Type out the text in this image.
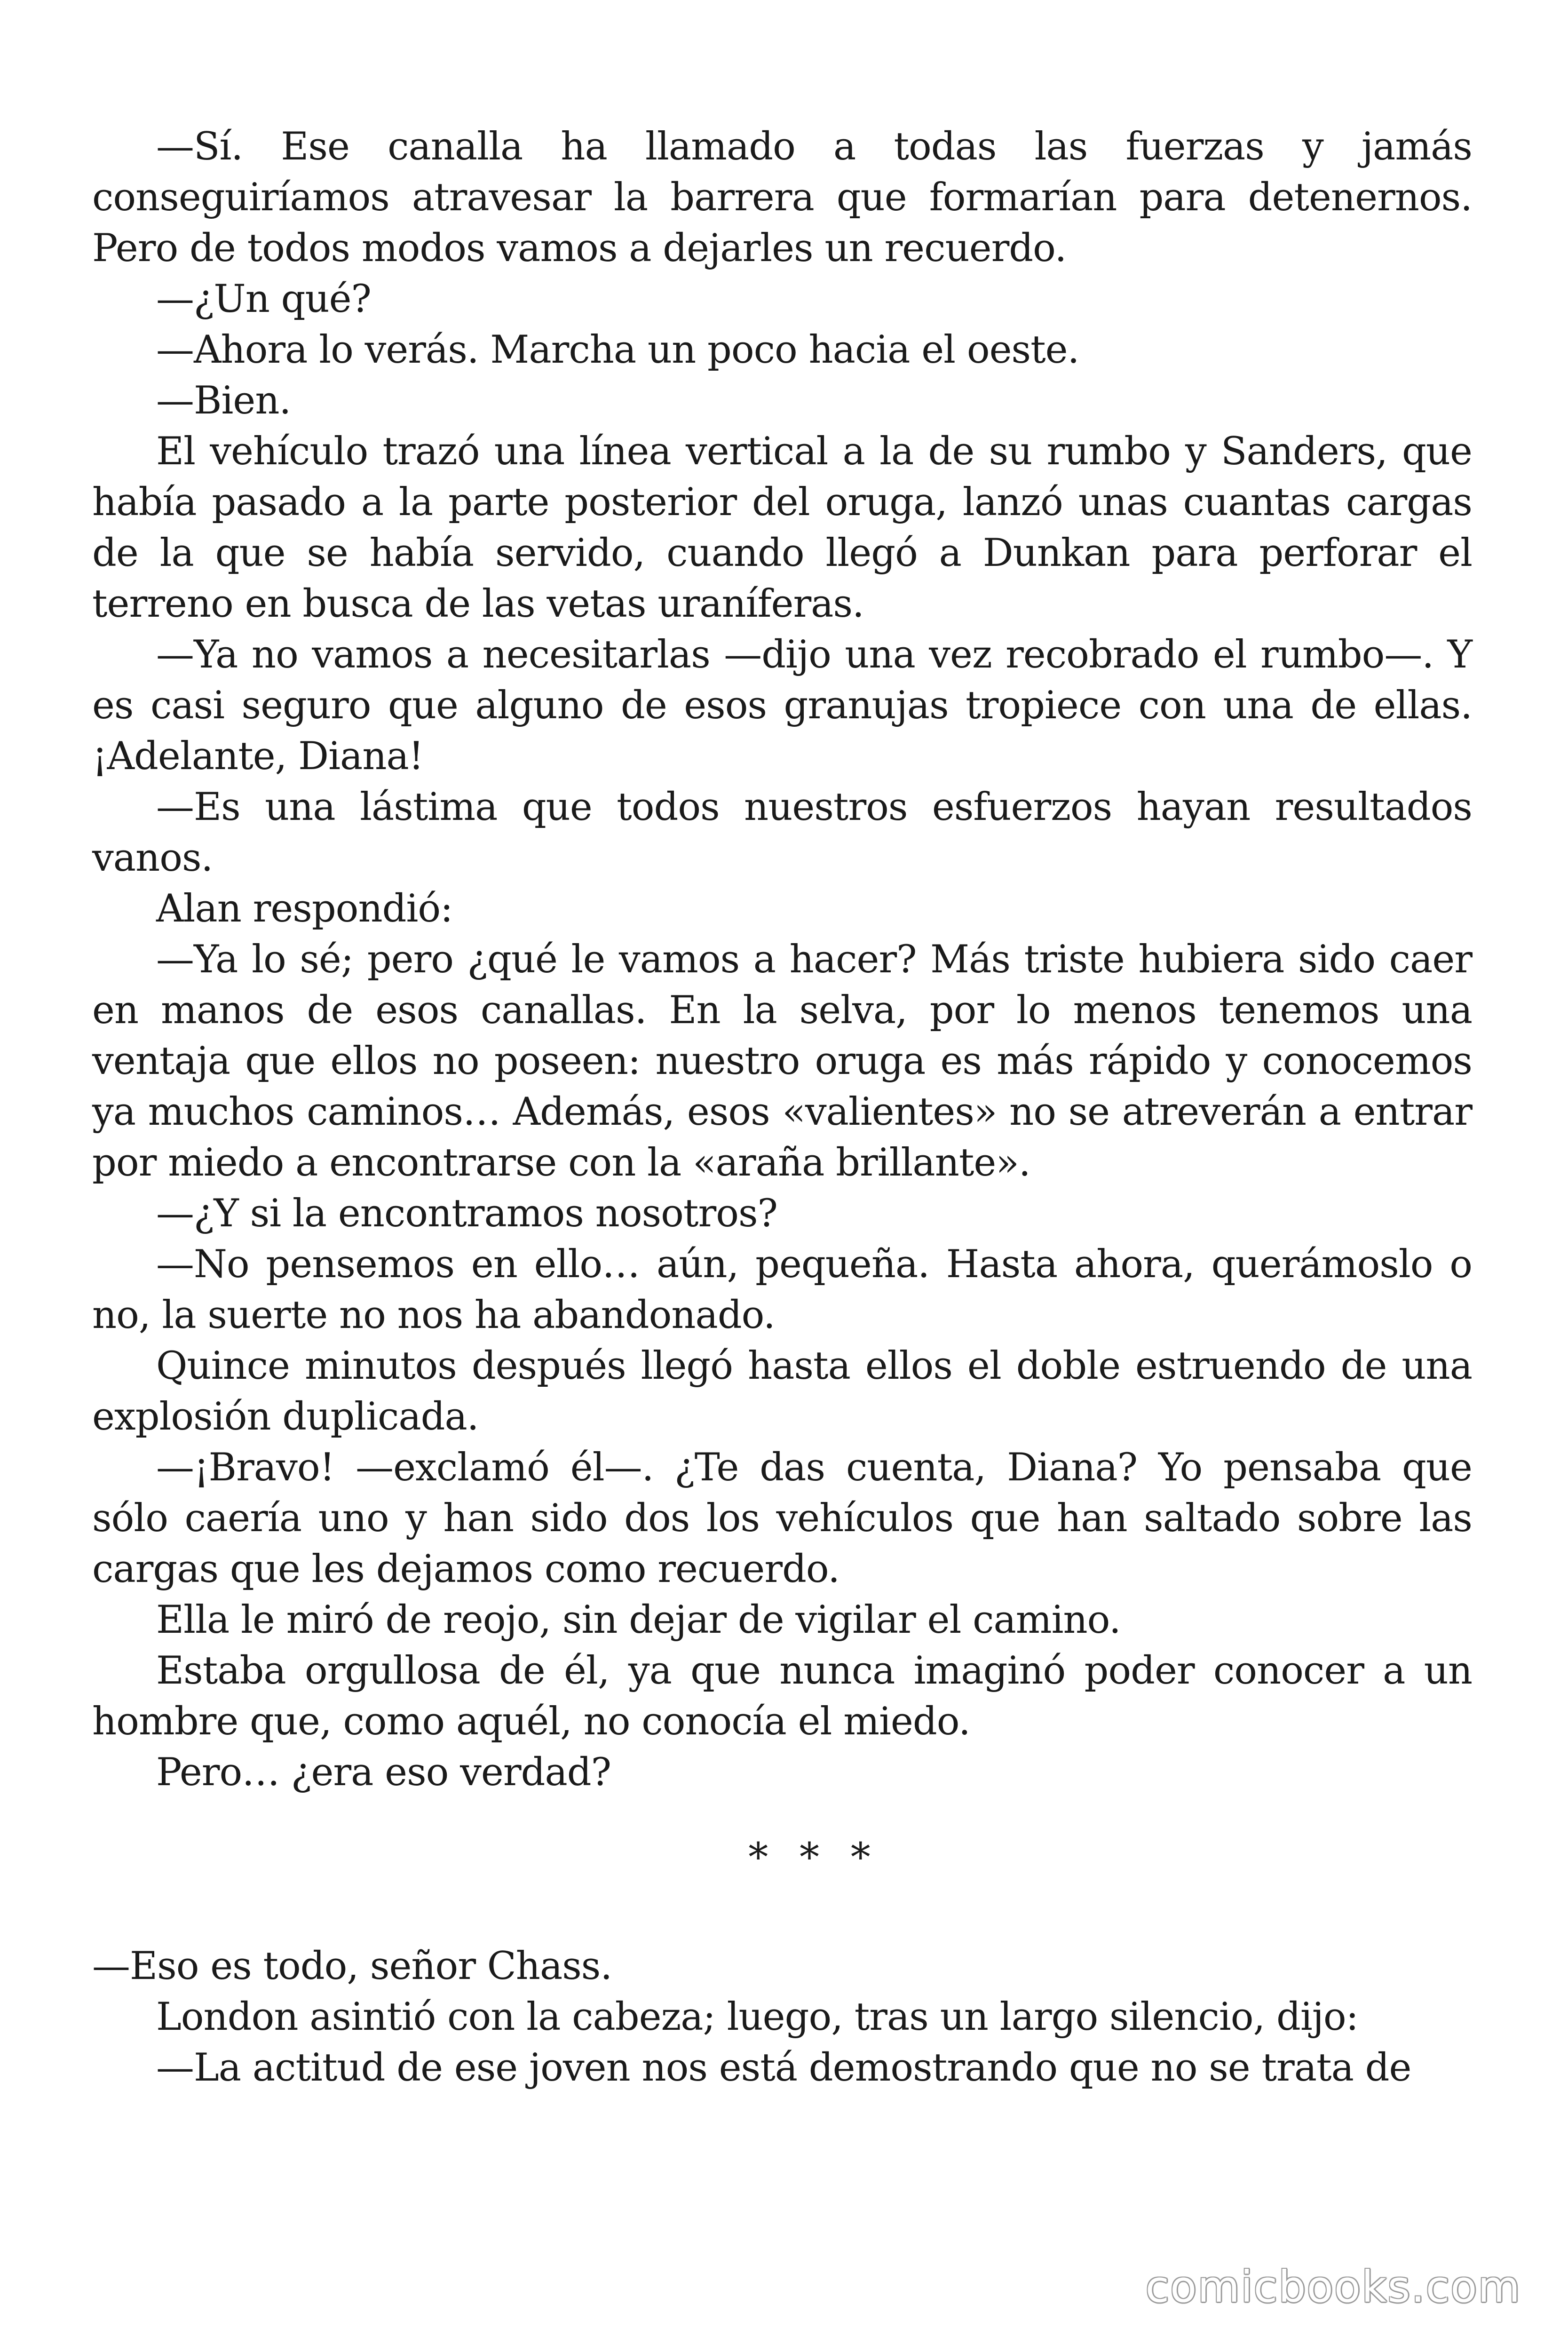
—Sí. Ese canalla ha llamado a todas las fuerzas y jamás conseguiríamos atravesar la barrera que formarían para detenernos. Pero de todos modos vamos a dejarles un recuerdo.

—¿Un qué?

—Ahora lo verás. Marcha un poco hacia el oeste.

—Bien.

El vehículo trazó una línea vertical a la de su rumbo y Sanders, que había pasado a la parte posterior del oruga, lanzó unas cuantas cargas de la que se había servido, cuando llegó a Dunkan para perforar el terreno en busca de las vetas uraníferas.

—Ya no vamos a necesitarlas —dijo una vez recobrado el rumbo—. Y es casi seguro que alguno de esos granujas tropiece con una de ellas. ¡Adelante, Diana!

—Es una lástima que todos nuestros esfuerzos hayan resultados vanos.

Alan respondió:

—Ya lo sé; pero ¿qué le vamos a hacer? Más triste hubiera sido caer en manos de esos canallas. En la selva, por lo menos tenemos una ventaja que ellos no poseen: nuestro oruga es más rápido y conocemos ya muchos caminos… Además, esos «valientes» no se atreverán a entrar por miedo a encontrarse con la «araña brillante».

—¿Y si la encontramos nosotros?

—No pensemos en ello… aún, pequeña. Hasta ahora, querámoslo o no, la suerte no nos ha abandonado.

Quince minutos después llegó hasta ellos el doble estruendo de una explosión duplicada.

—¡Bravo! —exclamó él—. ¿Te das cuenta, Diana? Yo pensaba que sólo caería uno y han sido dos los vehículos que han saltado sobre las cargas que les dejamos como recuerdo.

Ella le miró de reojo, sin dejar de vigilar el camino.

Estaba orgullosa de él, ya que nunca imaginó poder conocer a un hombre que, como aquél, no conocía el miedo.

Pero… ¿era eso verdad?

* * *

—Eso es todo, señor Chass.

London asintió con la cabeza; luego, tras un largo silencio, dijo:

—La actitud de ese joven nos está demostrando que no se trata de

comicbooks.com
